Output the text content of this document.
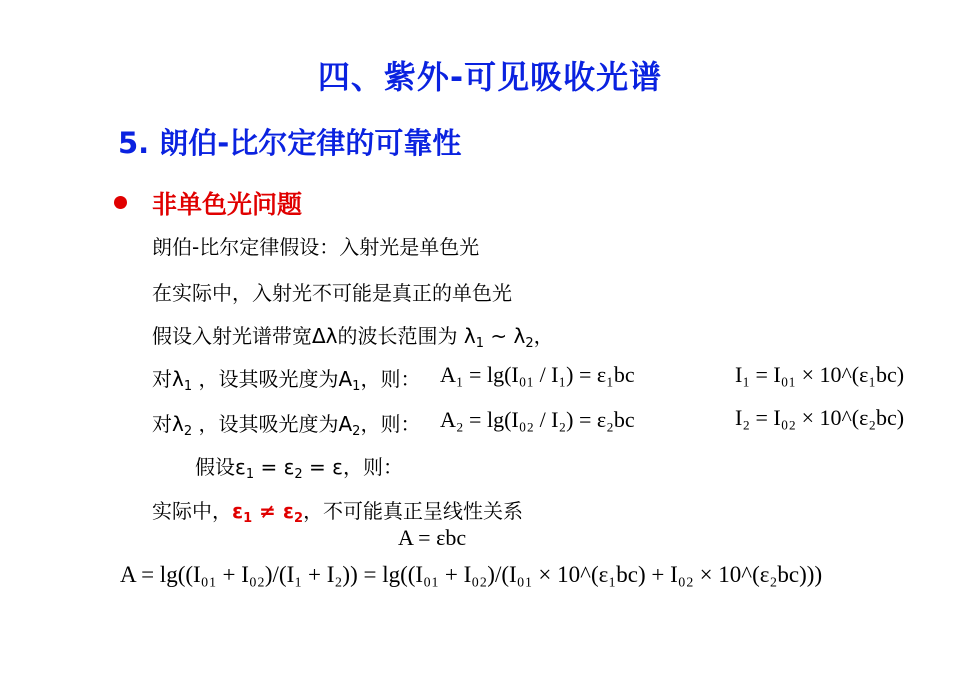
四、紫外-可见吸收光谱
5. 朗伯-比尔定律的可靠性
非单色光问题
朗伯-比尔定律假设：入射光是单色光
在实际中，入射光不可能是真正的单色光
假设入射光谱带宽Δλ的波长范围为 $\lambda_1$ ~ $\lambda_2$，
对$\lambda_1$ ，设其吸光度为$A_1$，则： A₁ = lg(I₀₁ / I₁) = ε₁bc	I₁ = I₀₁ × 10^(ε₁bc)
对$\lambda_2$ ，设其吸光度为$A_2$，则： A₂ = lg(I₀₂ / I₂) = ε₂bc	I₂ = I₀₂ × 10^(ε₂bc)
假设$\varepsilon_1 = \varepsilon_2 = \varepsilon$，则：
实际中，$\varepsilon_1 \ne \varepsilon_2$，不可能真正呈线性关系
A = εbc
A = lg((I₀₁ + I₀₂)/(I₁ + I₂)) = lg((I₀₁ + I₀₂)/(I₀₁ × 10^(ε₁bc) + I₀₂ × 10^(ε₂bc)))
